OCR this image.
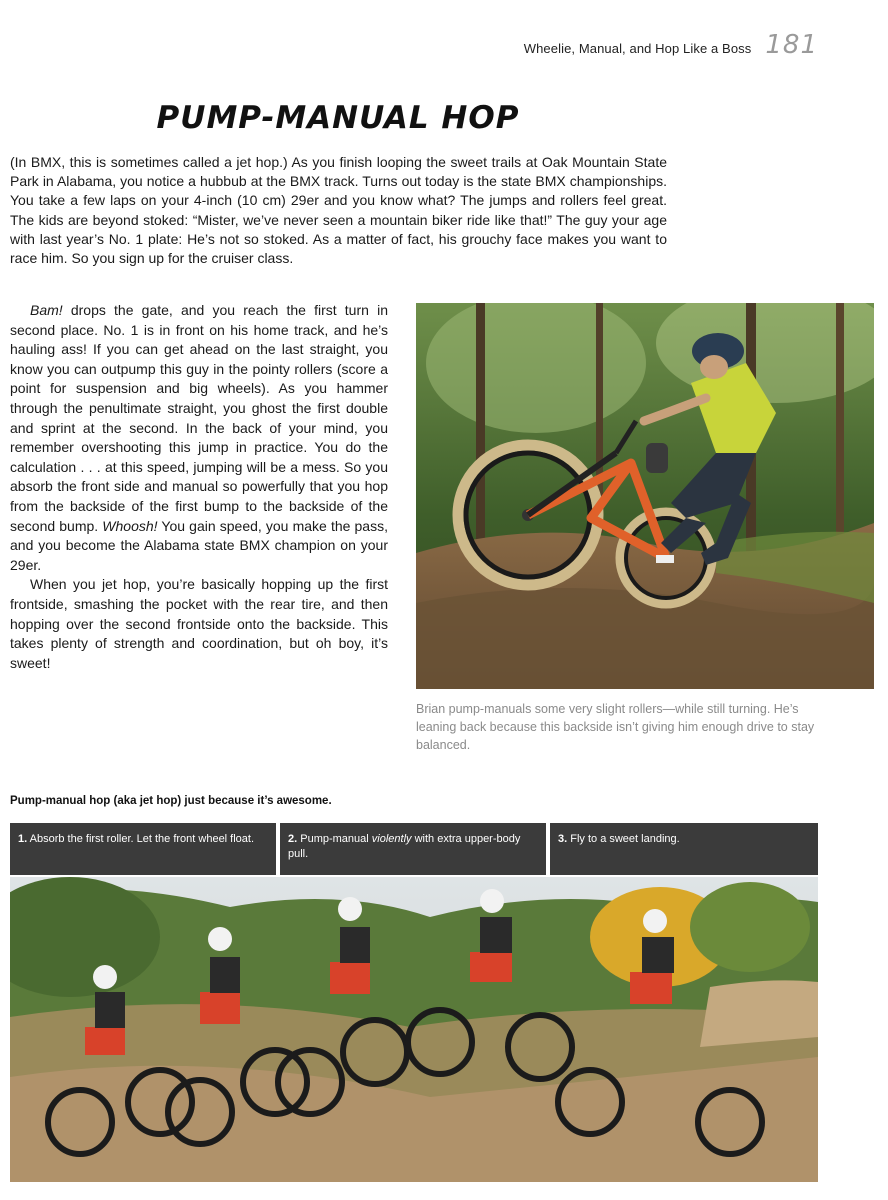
Wheelie, Manual, and Hop Like a Boss 181
PUMP-MANUAL HOP

(In BMX, this is sometimes called a jet hop.) As you finish looping the sweet trails at Oak Mountain State Park in Alabama, you notice a hubbub at the BMX track. Turns out today is the state BMX championships. You take a few laps on your 4-inch (10 cm) 29er and you know what? The jumps and rollers feel great. The kids are beyond stoked: “Mister, we’ve never seen a mountain biker ride like that!” The guy your age with last year’s No. 1 plate: He’s not so stoked. As a matter of fact, his grouchy face makes you want to race him. So you sign up for the cruiser class.

Bam! drops the gate, and you reach the first turn in second place. No. 1 is in front on his home track, and he’s hauling ass! If you can get ahead on the last straight, you know you can outpump this guy in the pointy rollers (score a point for suspension and big wheels). As you hammer through the penultimate straight, you ghost the first double and sprint at the second. In the back of your mind, you remember overshooting this jump in practice. You do the calculation . . . at this speed, jumping will be a mess. So you absorb the front side and manual so powerfully that you hop from the backside of the first bump to the backside of the second bump. Whoosh! You gain speed, you make the pass, and you become the Alabama state BMX champion on your 29er.

When you jet hop, you’re basically hopping up the first frontside, smashing the pocket with the rear tire, and then hopping over the second frontside onto the backside. This takes plenty of strength and coordination, but oh boy, it’s sweet!

Brian pump-manuals some very slight rollers—while still turning. He’s leaning back because this backside isn’t giving him enough drive to stay balanced.

Pump-manual hop (aka jet hop) just because it’s awesome.

1. Absorb the first roller. Let the front wheel float.	2. Pump-manual violently with extra upper-body pull.
3. Fly to a sweet landing.
